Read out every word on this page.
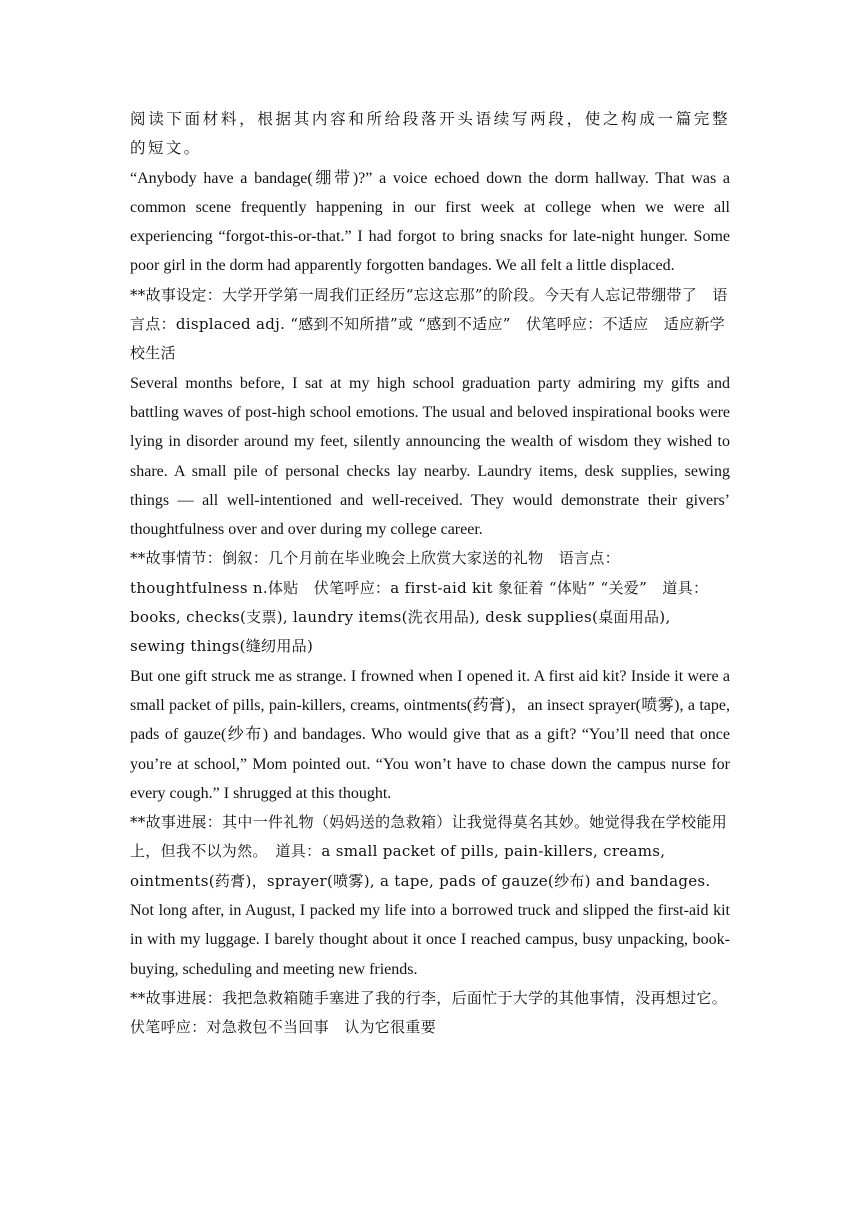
阅读下面材料，根据其内容和所给段落开头语续写两段，使之构成一篇完整的短文。

“Anybody have a bandage(绷带)?” a voice echoed down the dorm hallway. That was a common scene frequently happening in our first week at college when we were all experiencing “forgot-this-or-that.” I had forgot to bring snacks for late-night hunger. Some poor girl in the dorm had apparently forgotten bandages. We all felt a little displaced.

**故事设定：大学开学第一周我们正经历“忘这忘那”的阶段。今天有人忘记带绷带了　语言点：displaced adj. “感到不知所措”或 “感到不适应”　伏笔呼应：不适应　适应新学校生活

Several months before, I sat at my high school graduation party admiring my gifts and battling waves of post-high school emotions. The usual and beloved inspirational books were lying in disorder around my feet, silently announcing the wealth of wisdom they wished to share. A small pile of personal checks lay nearby. Laundry items, desk supplies, sewing things — all well-intentioned and well-received. They would demonstrate their givers’ thoughtfulness over and over during my college career.

**故事情节：倒叙：几个月前在毕业晚会上欣赏大家送的礼物　语言点：thoughtfulness n.体贴　伏笔呼应：a first-aid kit 象征着 “体贴” “关爱”　道具：books, checks(支票), laundry items(洗衣用品), desk supplies(桌面用品), sewing things(缝纫用品)

But one gift struck me as strange. I frowned when I opened it. A first aid kit? Inside it were a small packet of pills, pain-killers, creams, ointments(药膏)，an insect sprayer(喷雾), a tape, pads of gauze(纱布) and bandages. Who would give that as a gift? “You’ll need that once you’re at school,” Mom pointed out. “You won’t have to chase down the campus nurse for every cough.” I shrugged at this thought.

**故事进展：其中一件礼物（妈妈送的急救箱）让我觉得莫名其妙。她觉得我在学校能用上，但我不以为然。　道具：a small packet of pills, pain-killers, creams, ointments(药膏)，sprayer(喷雾), a tape, pads of gauze(纱布) and bandages.

Not long after, in August, I packed my life into a borrowed truck and slipped the first-aid kit in with my luggage. I barely thought about it once I reached campus, busy unpacking, book-buying, scheduling and meeting new friends.

**故事进展：我把急救箱随手塞进了我的行李，后面忙于大学的其他事情，没再想过它。　伏笔呼应：对急救包不当回事　认为它很重要
